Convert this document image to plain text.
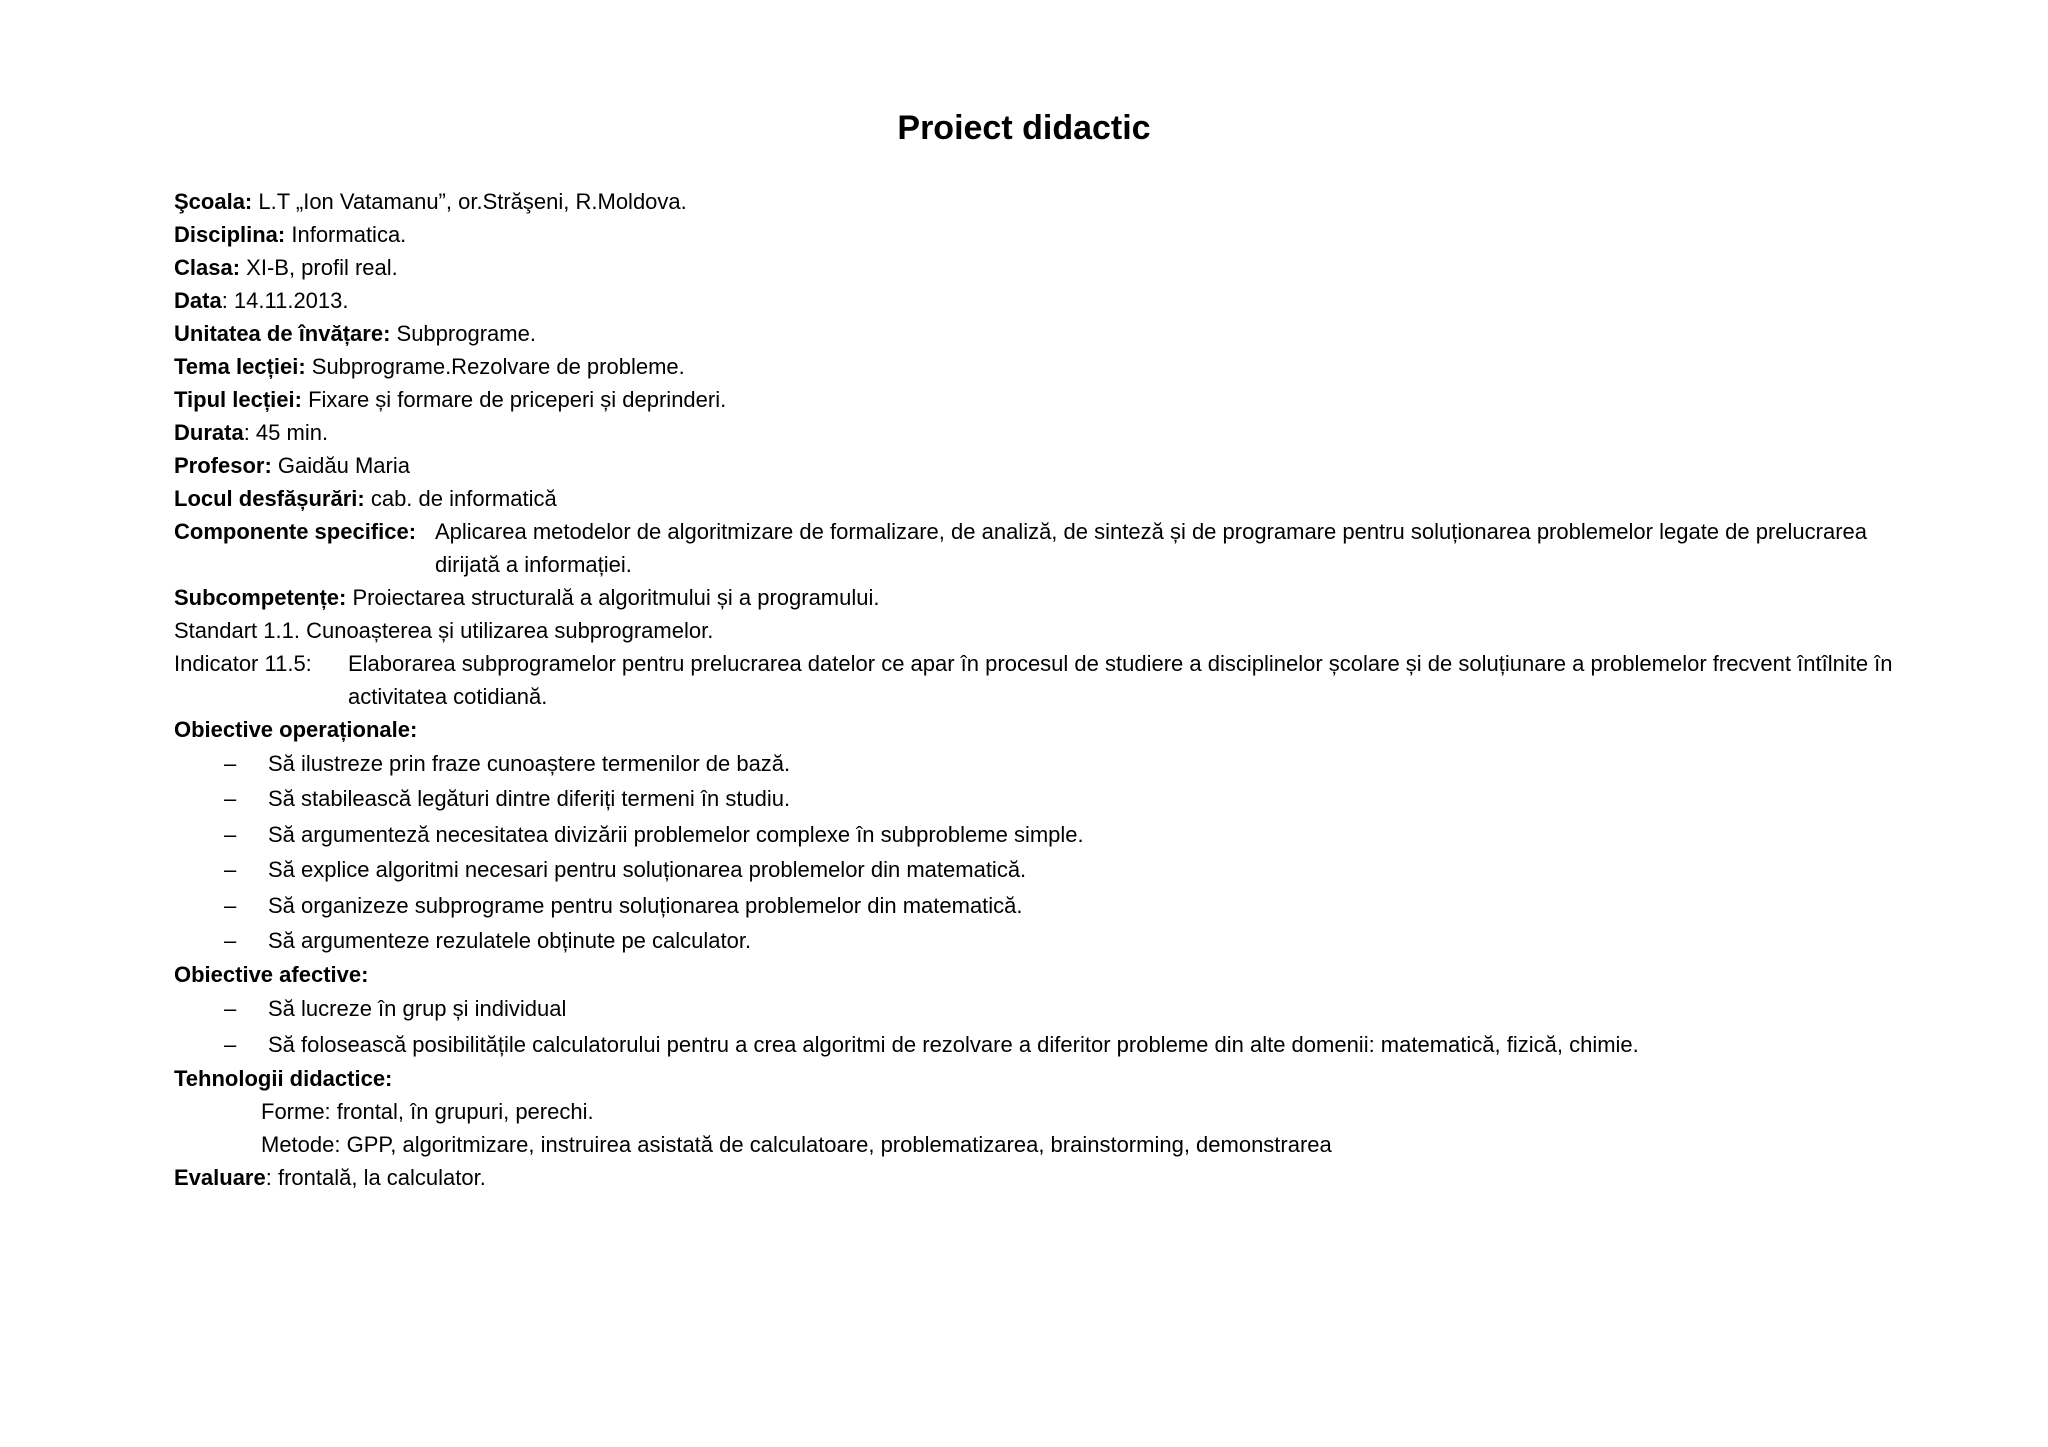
Proiect didactic
Şcoala: L.T „Ion Vatamanu”, or.Străşeni, R.Moldova.
Disciplina: Informatica.
Clasa: XI-B, profil real.
Data: 14.11.2013.
Unitatea de învățare: Subprograme.
Tema lecției: Subprograme.Rezolvare de probleme.
Tipul lecției: Fixare și formare de priceperi și deprinderi.
Durata: 45 min.
Profesor: Gaidău Maria
Locul desfășurări: cab. de informatică
Componente specifice: Aplicarea metodelor de algoritmizare de formalizare, de analiză, de sinteză și de programare pentru soluționarea problemelor legate de prelucrarea dirijată a informației.
Subcompetențe: Proiectarea structurală a algoritmului și a programului.
Standart 1.1. Cunoașterea și utilizarea subprogramelor.
Indicator 11.5:	Elaborarea subprogramelor pentru prelucrarea datelor ce apar în procesul de studiere a disciplinelor școlare și de soluțiunare a problemelor frecvent întîlnite în activitatea cotidiană.
Obiective operaționale:
–	Să ilustreze prin fraze cunoaștere termenilor de bază.
–	Să stabilească legături dintre diferiți termeni în studiu.
–	Să argumenteză necesitatea divizării problemelor complexe în subprobleme simple.
–	Să explice algoritmi necesari pentru soluționarea problemelor din matematică.
–	Să organizeze subprograme pentru soluționarea problemelor din matematică.
–	Să argumenteze rezulatele obținute pe calculator.
Obiective afective:
–	Să lucreze în grup și individual
–	Să folosească posibilitățile calculatorului pentru a crea algoritmi de rezolvare a diferitor probleme din alte domenii: matematică, fizică, chimie.
Tehnologii didactice:
Forme: frontal, în grupuri, perechi.
Metode: GPP, algoritmizare, instruirea asistată de calculatoare, problematizarea, brainstorming, demonstrarea
Evaluare: frontală, la calculator.
